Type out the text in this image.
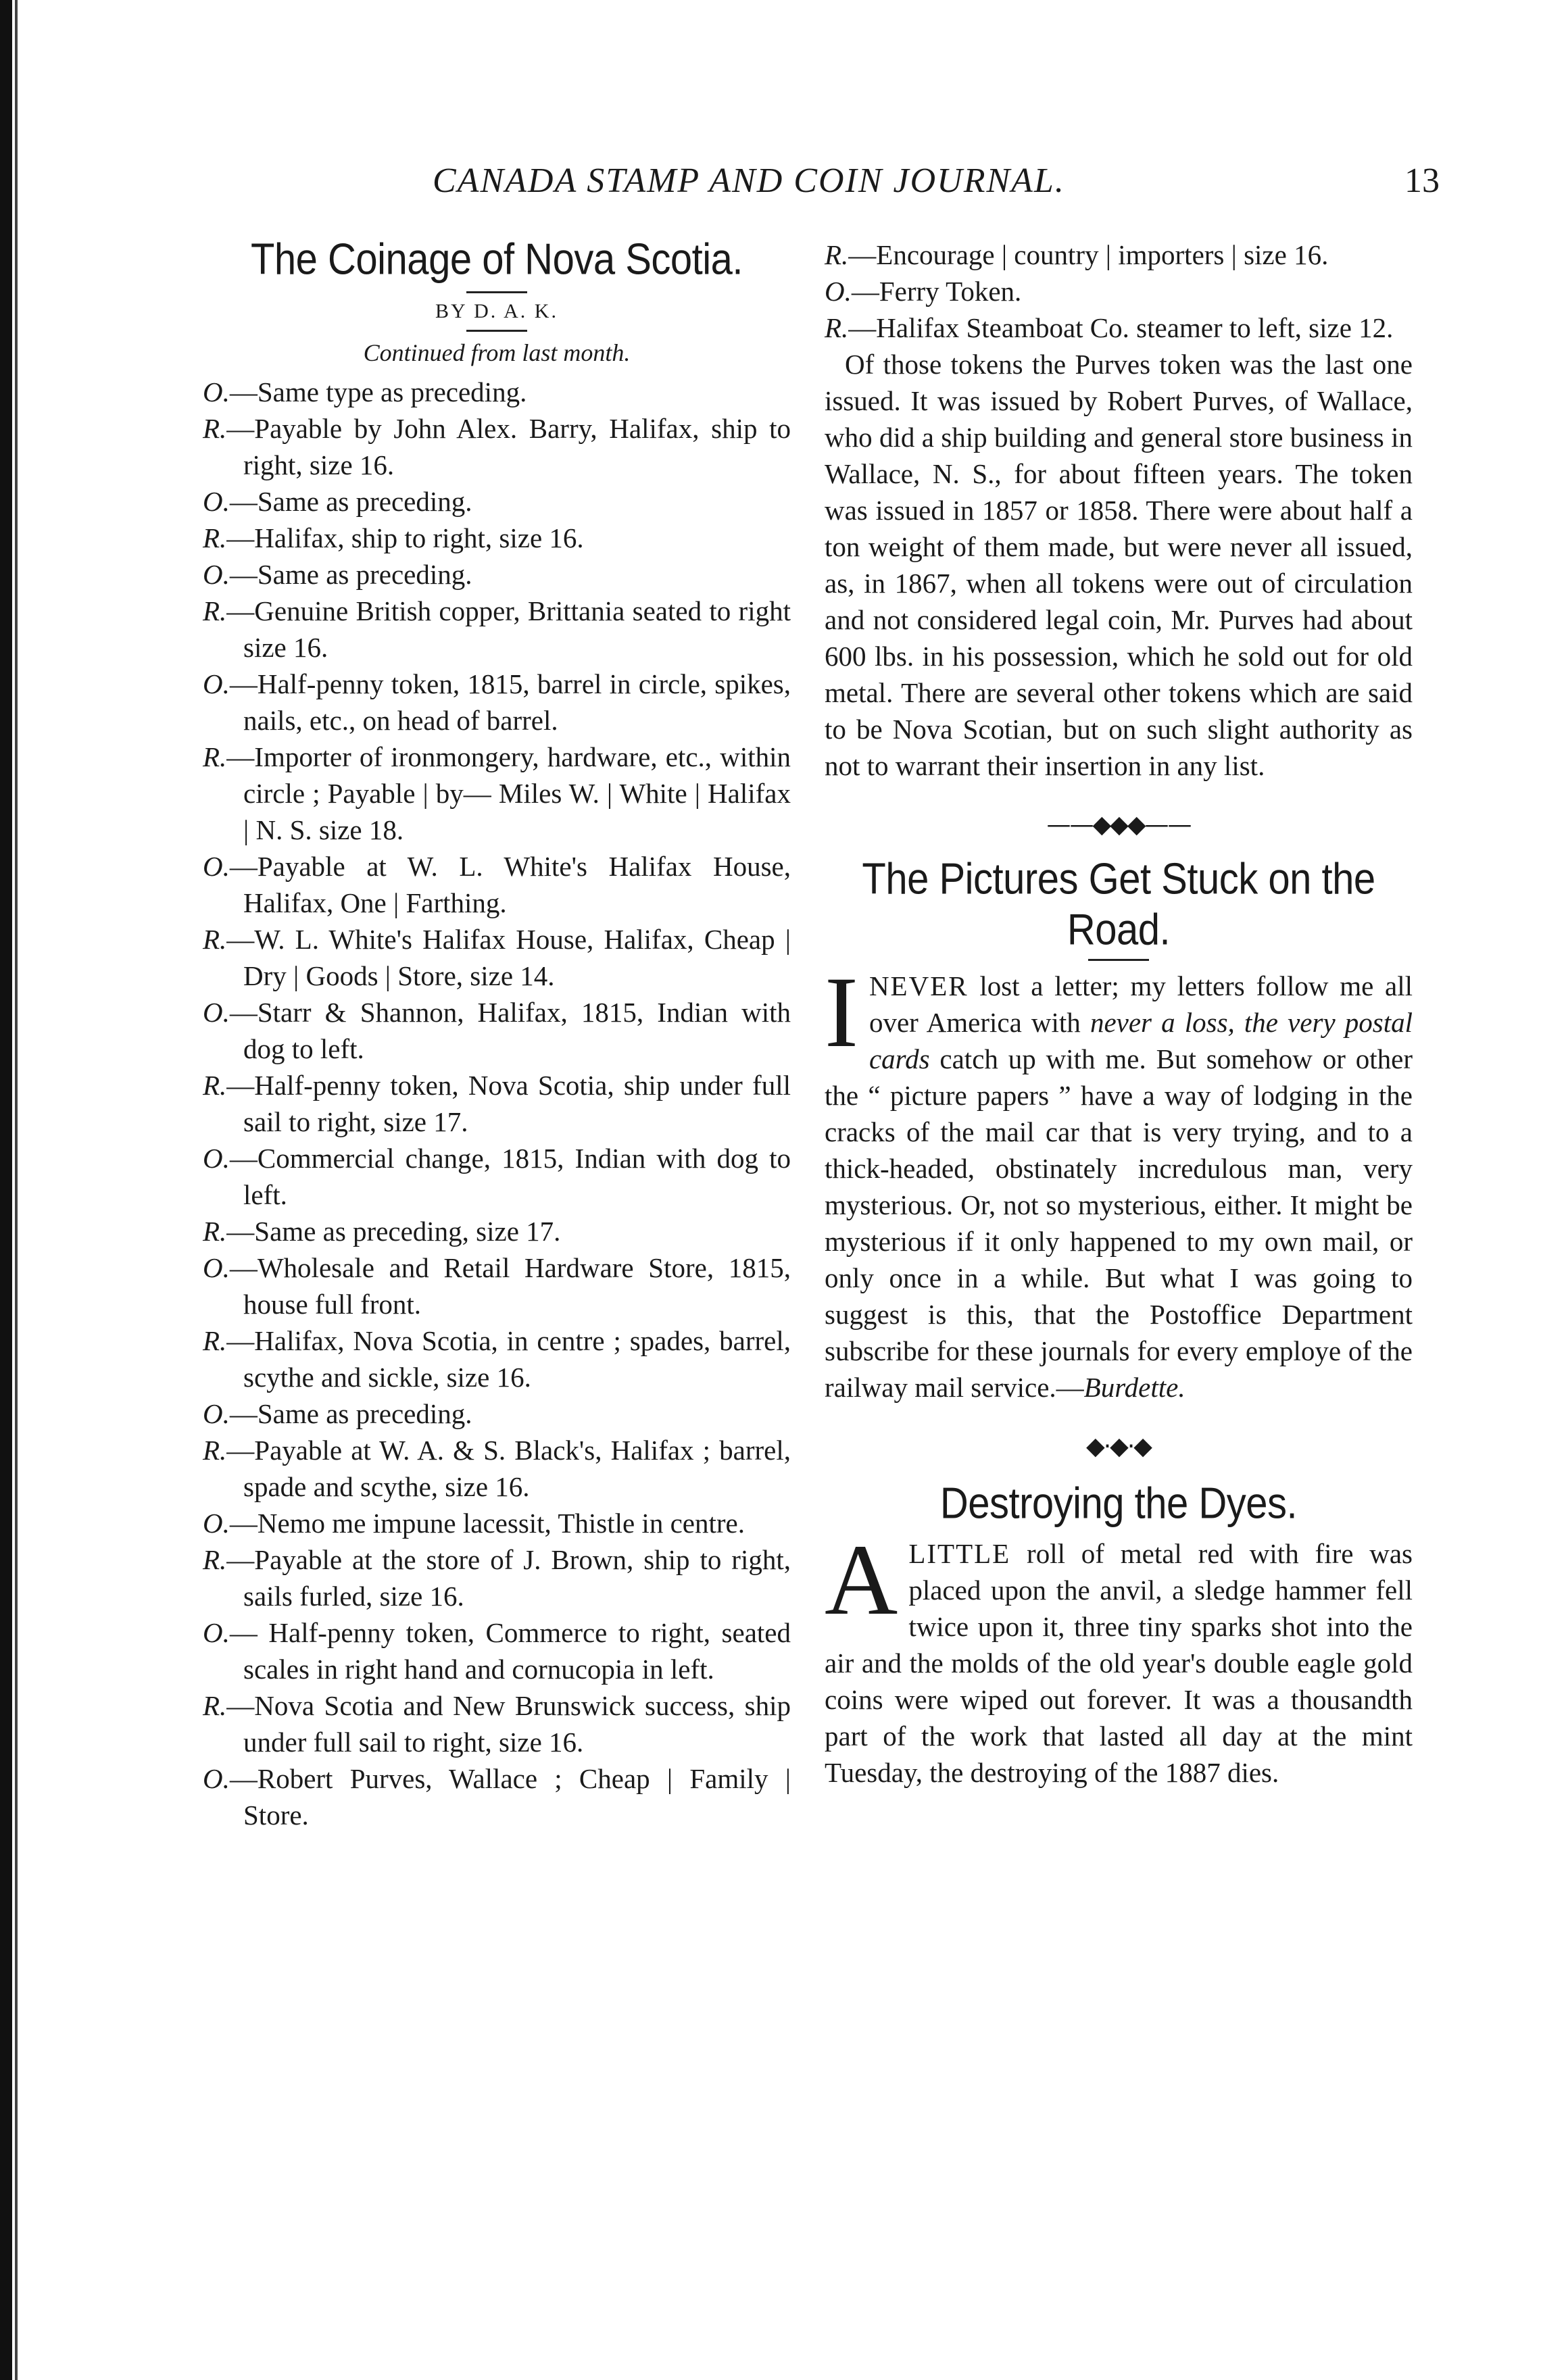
CANADA STAMP AND COIN JOURNAL.	13
The Coinage of Nova Scotia.
BY D. A. K.
Continued from last month.

O.—Same type as preceding.

R.—Payable by John Alex. Barry, Halifax, ship to right, size 16.

O.—Same as preceding.

R.—Halifax, ship to right, size 16.

O.—Same as preceding.

R.—Genuine British copper, Brittania seated to right size 16.

O.—Half-penny token, 1815, barrel in circle, spikes, nails, etc., on head of barrel.

R.—Importer of ironmongery, hardware, etc., within circle ; Payable | by— Miles W. | White | Halifax | N. S. size 18.

O.—Payable at W. L. White's Halifax House, Halifax, One | Farthing.

R.—W. L. White's Halifax House, Halifax, Cheap | Dry | Goods | Store, size 14.

O.—Starr & Shannon, Halifax, 1815, Indian with dog to left.

R.—Half-penny token, Nova Scotia, ship under full sail to right, size 17.

O.—Commercial change, 1815, Indian with dog to left.

R.—Same as preceding, size 17.

O.—Wholesale and Retail Hardware Store, 1815, house full front.

R.—Halifax, Nova Scotia, in centre ; spades, barrel, scythe and sickle, size 16.

O.—Same as preceding.

R.—Payable at W. A. & S. Black's, Halifax ; barrel, spade and scythe, size 16.

O.—Nemo me impune lacessit, Thistle in centre.

R.—Payable at the store of J. Brown, ship to right, sails furled, size 16.

O.— Half-penny token, Commerce to right, seated scales in right hand and cornucopia in left.

R.—Nova Scotia and New Brunswick success, ship under full sail to right, size 16.

O.—Robert Purves, Wallace ; Cheap | Family | Store.

R.—Encourage | country | importers | size 16.

O.—Ferry Token.

R.—Halifax Steamboat Co. steamer to left, size 12.

Of those tokens the Purves token was the last one issued. It was issued by Robert Purves, of Wallace, who did a ship building and general store business in Wallace, N. S., for about fifteen years. The token was issued in 1857 or 1858. There were about half a ton weight of them made, but were never all issued, as, in 1867, when all tokens were out of circulation and not considered legal coin, Mr. Purves had about 600 lbs. in his possession, which he sold out for old metal. There are several other tokens which are said to be Nova Scotian, but on such slight authority as not to warrant their insertion in any list.

——◆◆◆——
The Pictures Get Stuck on the Road.

INEVER lost a letter; my letters follow me all over America with never a loss, the very postal cards catch up with me. But somehow or other the “ picture papers ” have a way of lodging in the cracks of the mail car that is very trying, and to a thick-headed, obstinately incredulous man, very mysterious. Or, not so mysterious, either. It might be mysterious if it only happened to my own mail, or only once in a while. But what I was going to suggest is this, that the Postoffice Department subscribe for these journals for every employe of the railway mail service.—Burdette.

◆·◆·◆
Destroying the Dyes.

ALITTLE roll of metal red with fire was placed upon the anvil, a sledge hammer fell twice upon it, three tiny sparks shot into the air and the molds of the old year's double eagle gold coins were wiped out forever. It was a thousandth part of the work that lasted all day at the mint Tuesday, the destroying of the 1887 dies.
